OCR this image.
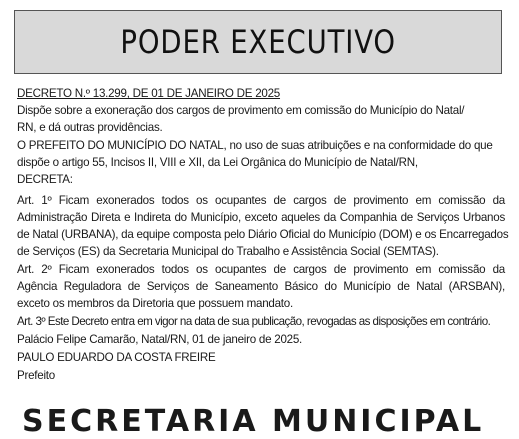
PODER EXECUTIVO
DECRETO N.º 13.299, DE 01 DE JANEIRO DE 2025
Dispõe sobre a exoneração dos cargos de provimento em comissão do Município do Natal/
RN, e dá outras providências.
O PREFEITO DO MUNICÍPIO DO NATAL, no uso de suas atribuições e na conformidade do que
dispõe o artigo 55, Incisos II, VIII e XII, da Lei Orgânica do Município de Natal/RN,
DECRETA:
Art. 1º Ficam exonerados todos os ocupantes de cargos de provimento em comissão da
Administração Direta e Indireta do Município, exceto aqueles da Companhia de Serviços Urbanos
de Natal (URBANA), da equipe composta pelo Diário Oficial do Município (DOM) e os Encarregados
de Serviços (ES) da Secretaria Municipal do Trabalho e Assistência Social (SEMTAS).
Art. 2º Ficam exonerados todos os ocupantes de cargos de provimento em comissão da
Agência Reguladora de Serviços de Saneamento Básico do Município de Natal (ARSBAN),
exceto os membros da Diretoria que possuem mandato.
Art. 3º Este Decreto entra em vigor na data de sua publicação, revogadas as disposições em contrário.
Palácio Felipe Camarão, Natal/RN, 01 de janeiro de 2025.
PAULO EDUARDO DA COSTA FREIRE
Prefeito
SECRETARIA MUNICIPAL
